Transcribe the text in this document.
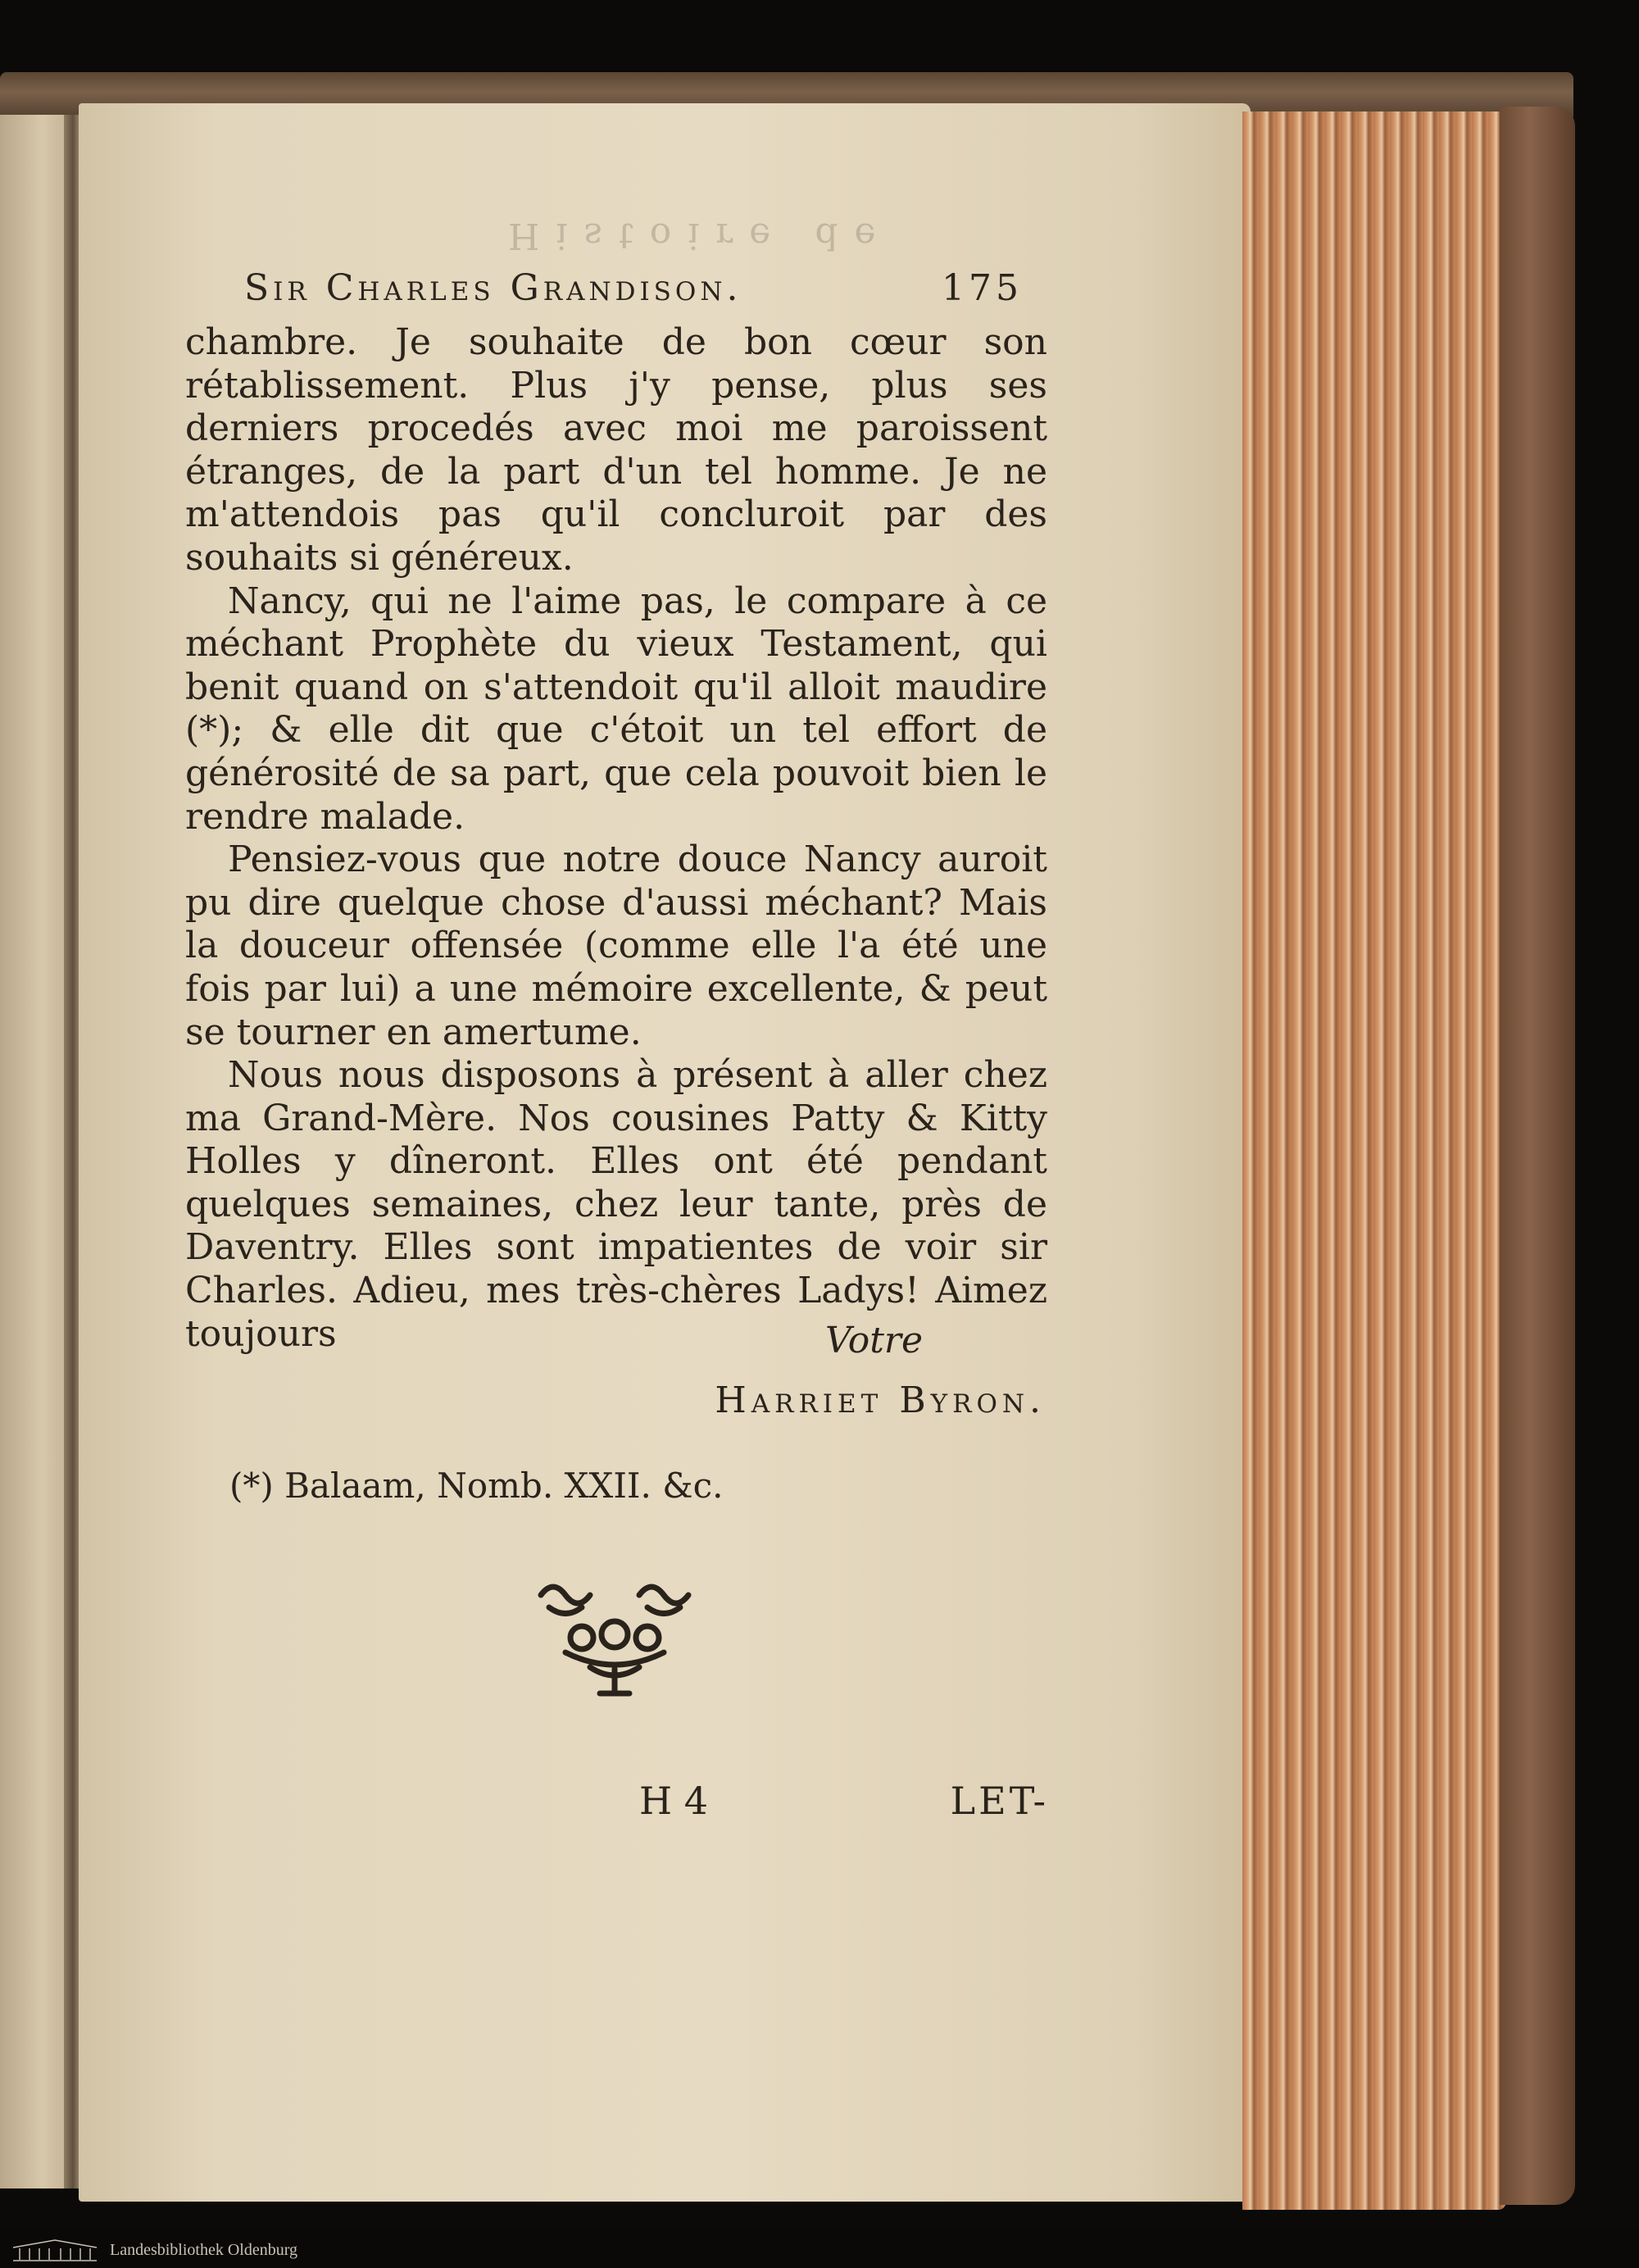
Histoire de
Sir Charles Grandison.	175

chambre. Je souhaite de bon cœur son rétablissement. Plus j'y pense, plus ses derniers procedés avec moi me paroissent étranges, de la part d'un tel homme. Je ne m'attendois pas qu'il concluroit par des souhaits si généreux.

Nancy, qui ne l'aime pas, le compare à ce méchant Prophète du vieux Testament, qui benit quand on s'attendoit qu'il alloit maudire (*); & elle dit que c'étoit un tel effort de générosité de sa part, que cela pouvoit bien le rendre malade.

Pensiez-vous que notre douce Nancy auroit pu dire quelque chose d'aussi méchant? Mais la douceur offensée (comme elle l'a été une fois par lui) a une mémoire excellente, & peut se tourner en amertume.

Nous nous disposons à présent à aller chez ma Grand-Mère. Nos cousines Patty & Kitty Holles y dîneront. Elles ont été pendant quelques semaines, chez leur tante, près de Daventry. Elles sont impatientes de voir sir Charles. Adieu, mes très-chères Ladys! Aimez toujours	Votre
Harriet Byron.
(*) Balaam, Nomb. XXII. &c.
H 4	LET-
Landesbibliothek Oldenburg
